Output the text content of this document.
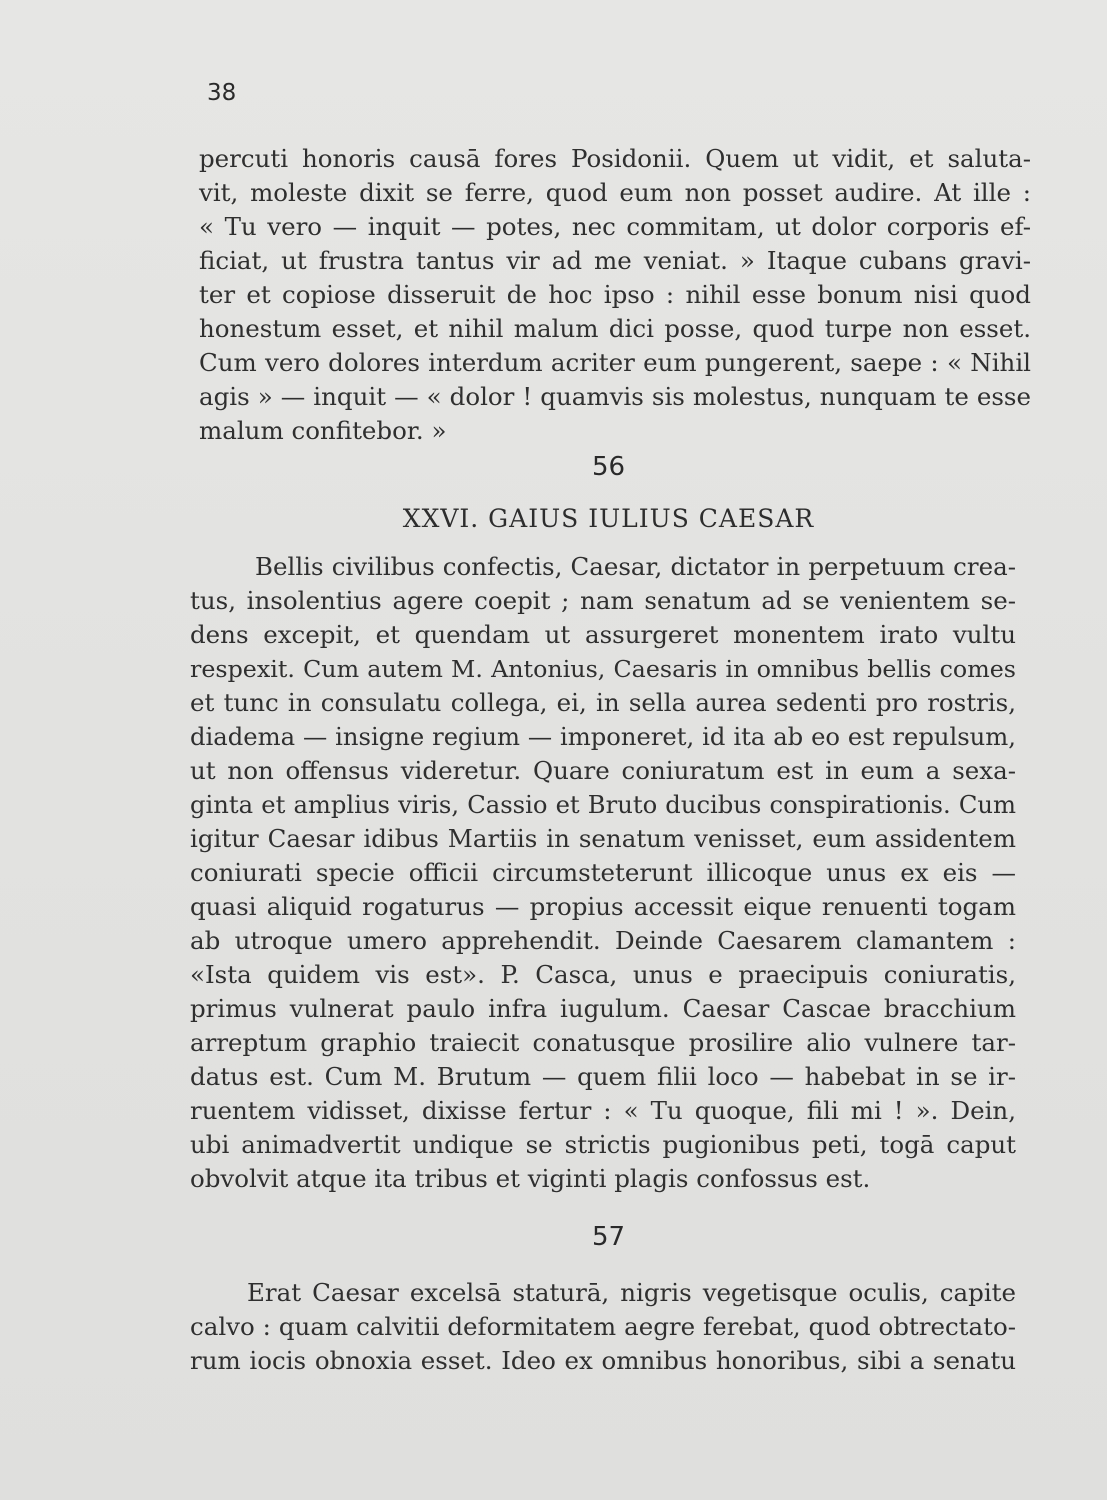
38
percuti honoris causā fores Posidonii. Quem ut vidit, et saluta-
vit, moleste dixit se ferre, quod eum non posset audire. At ille :
« Tu vero — inquit — potes, nec commitam, ut dolor corporis ef-
ficiat, ut frustra tantus vir ad me veniat. » Itaque cubans gravi-
ter et copiose disseruit de hoc ipso : nihil esse bonum nisi quod
honestum esset, et nihil malum dici posse, quod turpe non esset.
Cum vero dolores interdum acriter eum pungerent, saepe : « Nihil
agis » — inquit — « dolor ! quamvis sis molestus, nunquam te esse
malum confitebor. »
56
XXVI. GAIUS IULIUS CAESAR
Bellis civilibus confectis, Caesar, dictator in perpetuum crea-
tus, insolentius agere coepit ; nam senatum ad se venientem se-
dens excepit, et quendam ut assurgeret monentem irato vultu
respexit. Cum autem M. Antonius, Caesaris in omnibus bellis comes
et tunc in consulatu collega, ei, in sella aurea sedenti pro rostris,
diadema — insigne regium — imponeret, id ita ab eo est repulsum,
ut non offensus videretur. Quare coniuratum est in eum a sexa-
ginta et amplius viris, Cassio et Bruto ducibus conspirationis. Cum
igitur Caesar idibus Martiis in senatum venisset, eum assidentem
coniurati specie officii circumsteterunt illicoque unus ex eis —
quasi aliquid rogaturus — propius accessit eique renuenti togam
ab utroque umero apprehendit. Deinde Caesarem clamantem :
«Ista quidem vis est». P. Casca, unus e praecipuis coniuratis,
primus vulnerat paulo infra iugulum. Caesar Cascae bracchium
arreptum graphio traiecit conatusque prosilire alio vulnere tar-
datus est. Cum M. Brutum — quem filii loco — habebat in se ir-
ruentem vidisset, dixisse fertur : « Tu quoque, fili mi ! ». Dein,
ubi animadvertit undique se strictis pugionibus peti, togā caput
obvolvit atque ita tribus et viginti plagis confossus est.
57
Erat Caesar excelsā staturā, nigris vegetisque oculis, capite
calvo : quam calvitii deformitatem aegre ferebat, quod obtrectato-
rum iocis obnoxia esset. Ideo ex omnibus honoribus, sibi a senatu
